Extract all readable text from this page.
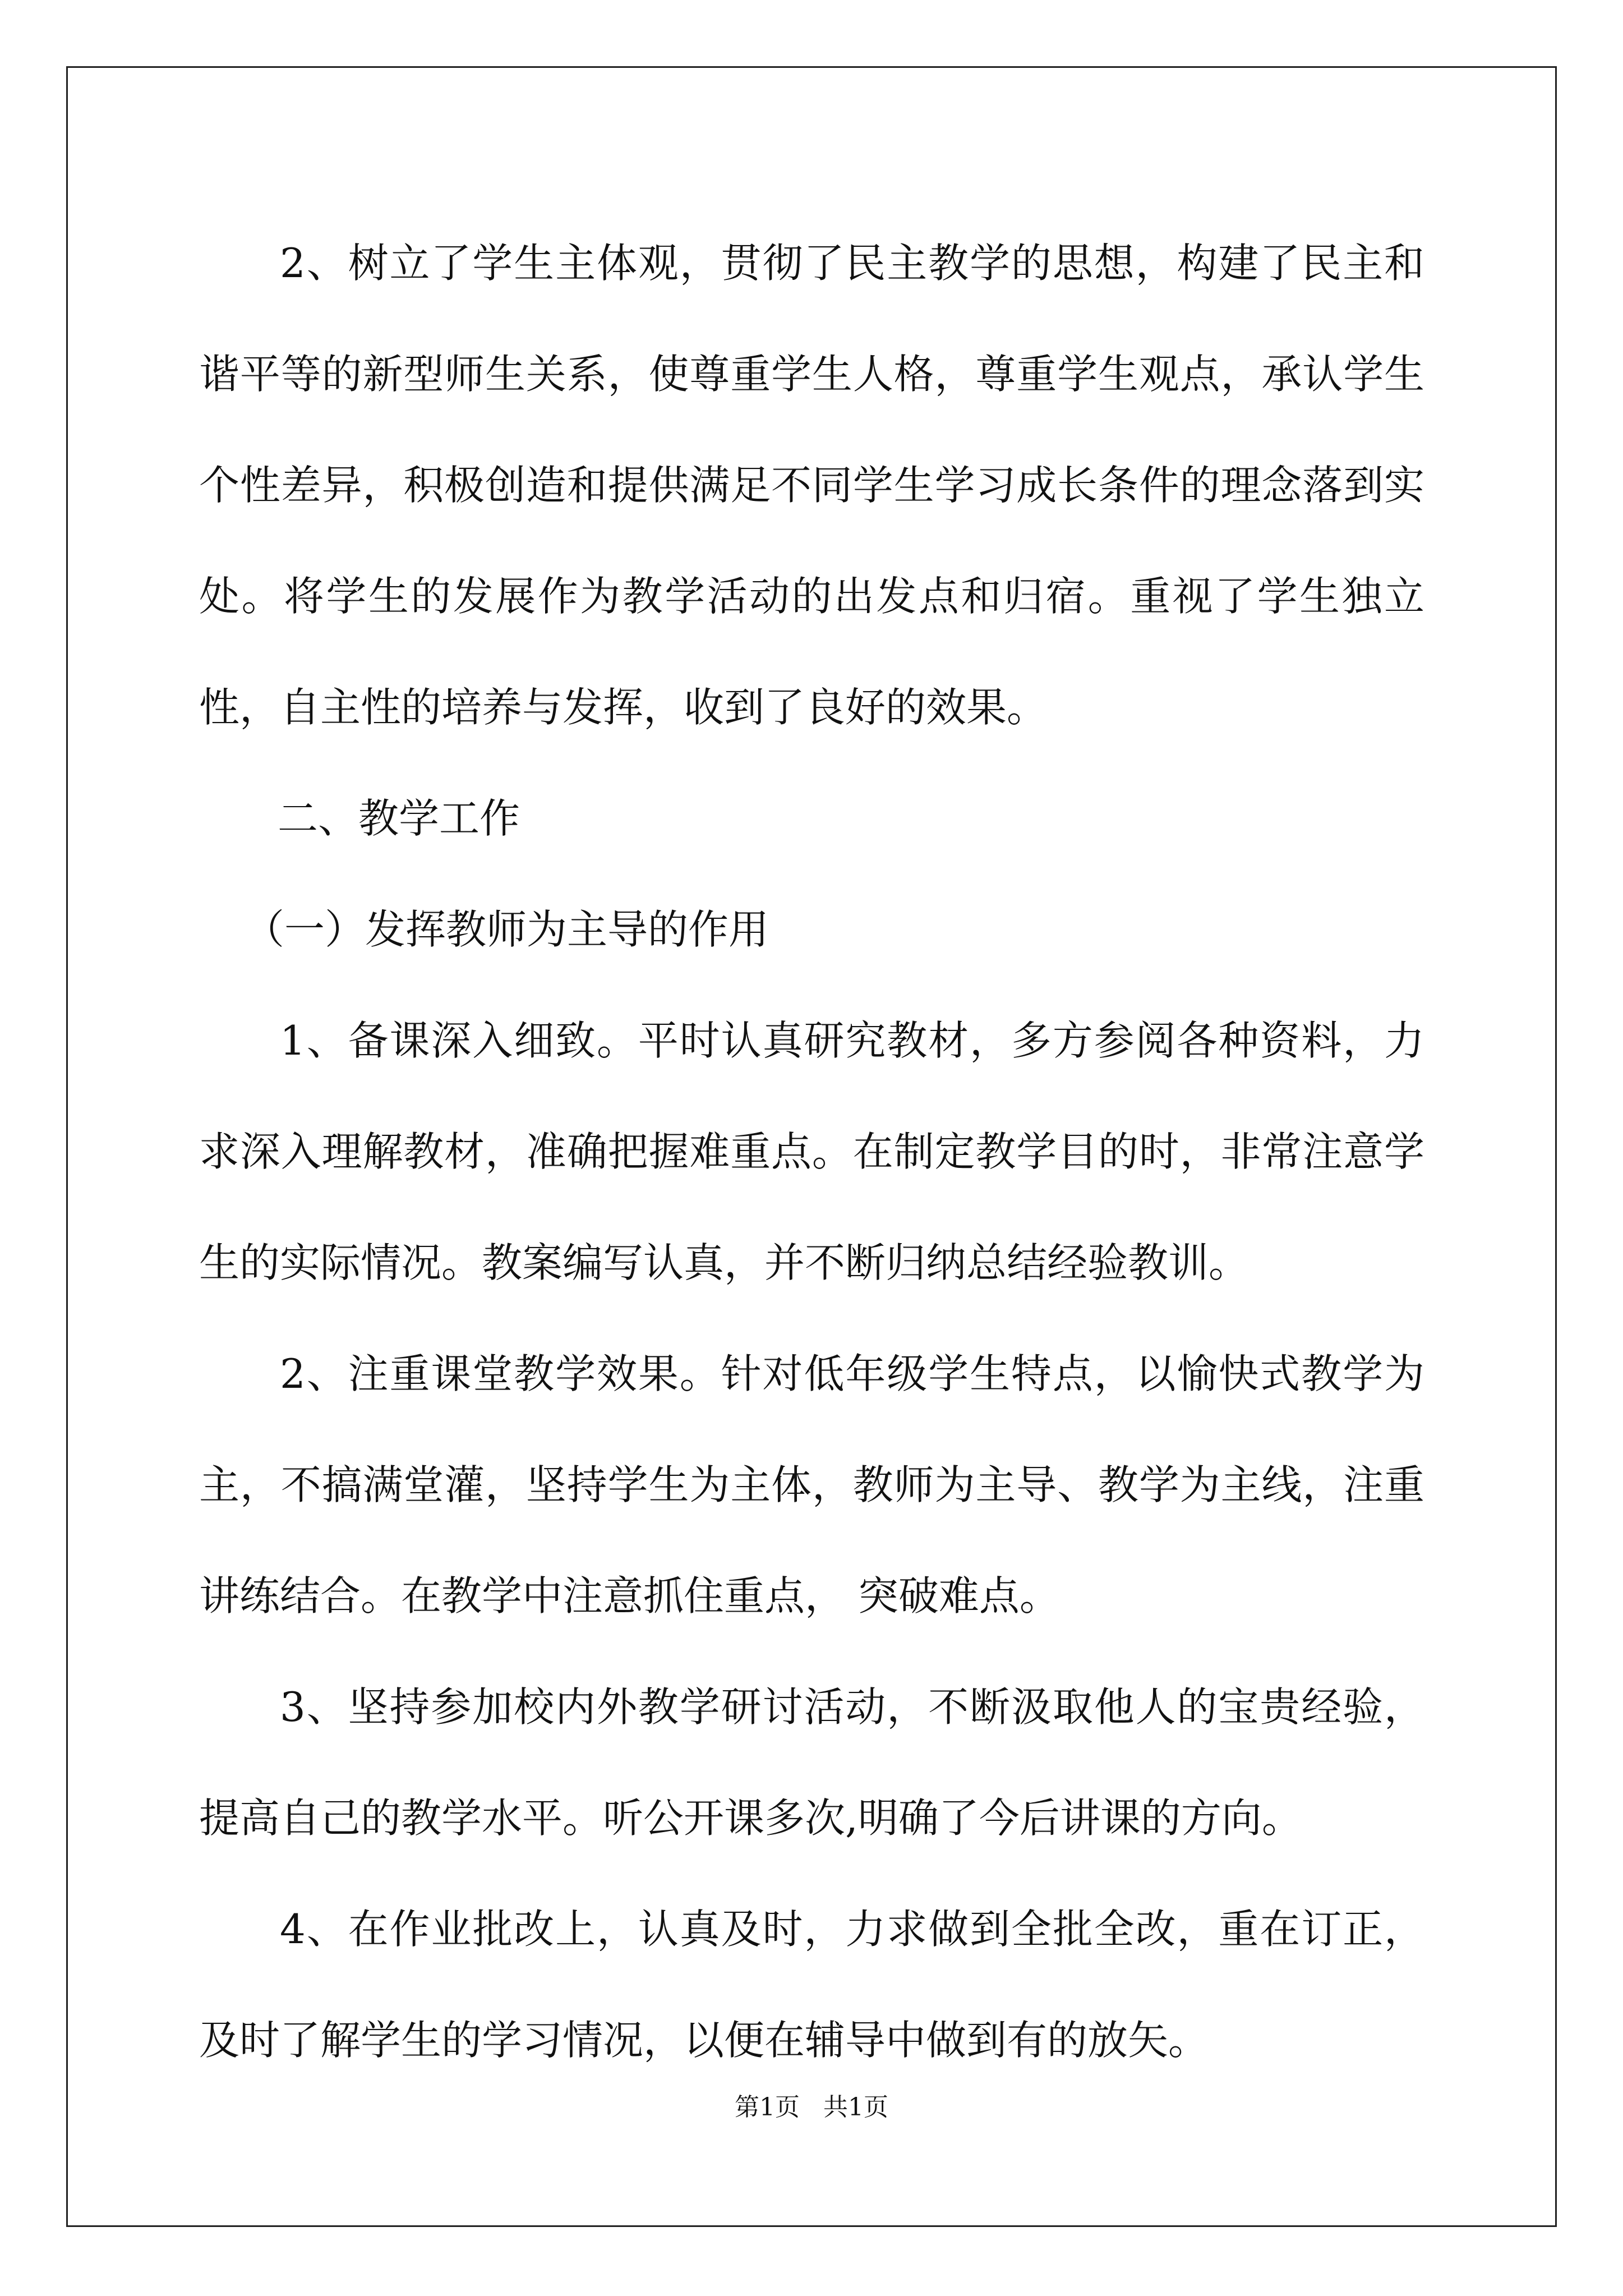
2、树立了学生主体观，贯彻了民主教学的思想，构建了民主和谐平等的新型师生关系，使尊重学生人格，尊重学生观点，承认学生个性差异，积极创造和提供满足不同学生学习成长条件的理念落到实处。将学生的发展作为教学活动的出发点和归宿。重视了学生独立性，自主性的培养与发挥，收到了良好的效果。

二、教学工作

（一）发挥教师为主导的作用

1、备课深入细致。平时认真研究教材，多方参阅各种资料，力求深入理解教材，准确把握难重点。在制定教学目的时，非常注意学生的实际情况。教案编写认真，并不断归纳总结经验教训。

2、注重课堂教学效果。针对低年级学生特点，以愉快式教学为主，不搞满堂灌，坚持学生为主体，教师为主导、教学为主线，注重讲练结合。在教学中注意抓住重点， 突破难点。

3、坚持参加校内外教学研讨活动，不断汲取他人的宝贵经验，提高自己的教学水平。听公开课多次,明确了今后讲课的方向。

4、在作业批改上，认真及时，力求做到全批全改，重在订正，及时了解学生的学习情况，以便在辅导中做到有的放矢。

第1页   共1页
